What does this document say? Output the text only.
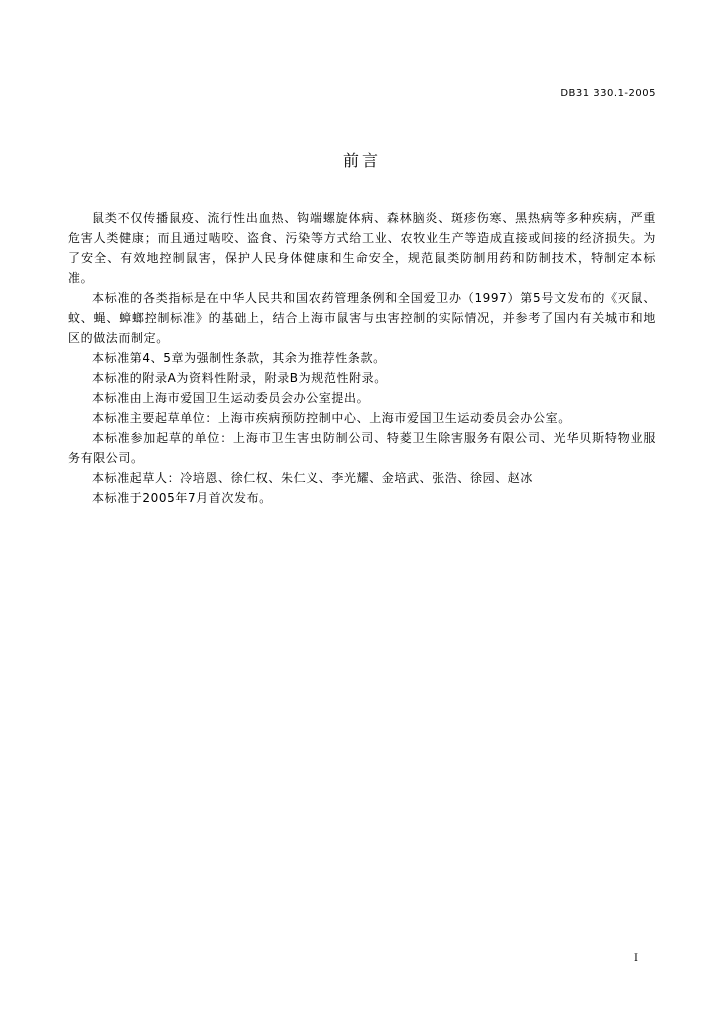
DB31 330.1-2005
前言

鼠类不仅传播鼠疫、流行性出血热、钩端螺旋体病、森林脑炎、斑疹伤寒、黑热病等多种疾病，严重危害人类健康；而且通过啮咬、盗食、污染等方式给工业、农牧业生产等造成直接或间接的经济损失。为了安全、有效地控制鼠害，保护人民身体健康和生命安全，规范鼠类防制用药和防制技术，特制定本标准。

本标准的各类指标是在中华人民共和国农药管理条例和全国爱卫办（1997）第5号文发布的《灭鼠、蚊、蝇、蟑螂控制标准》的基础上，结合上海市鼠害与虫害控制的实际情况，并参考了国内有关城市和地区的做法而制定。

本标准第4、5章为强制性条款，其余为推荐性条款。

本标准的附录A为资料性附录，附录B为规范性附录。

本标准由上海市爱国卫生运动委员会办公室提出。

本标准主要起草单位：上海市疾病预防控制中心、上海市爱国卫生运动委员会办公室。

本标准参加起草的单位：上海市卫生害虫防制公司、特菱卫生除害服务有限公司、光华贝斯特物业服务有限公司。

本标准起草人：冷培恩、徐仁权、朱仁义、李光耀、金培武、张浩、徐园、赵冰

本标准于2005年7月首次发布。

I
